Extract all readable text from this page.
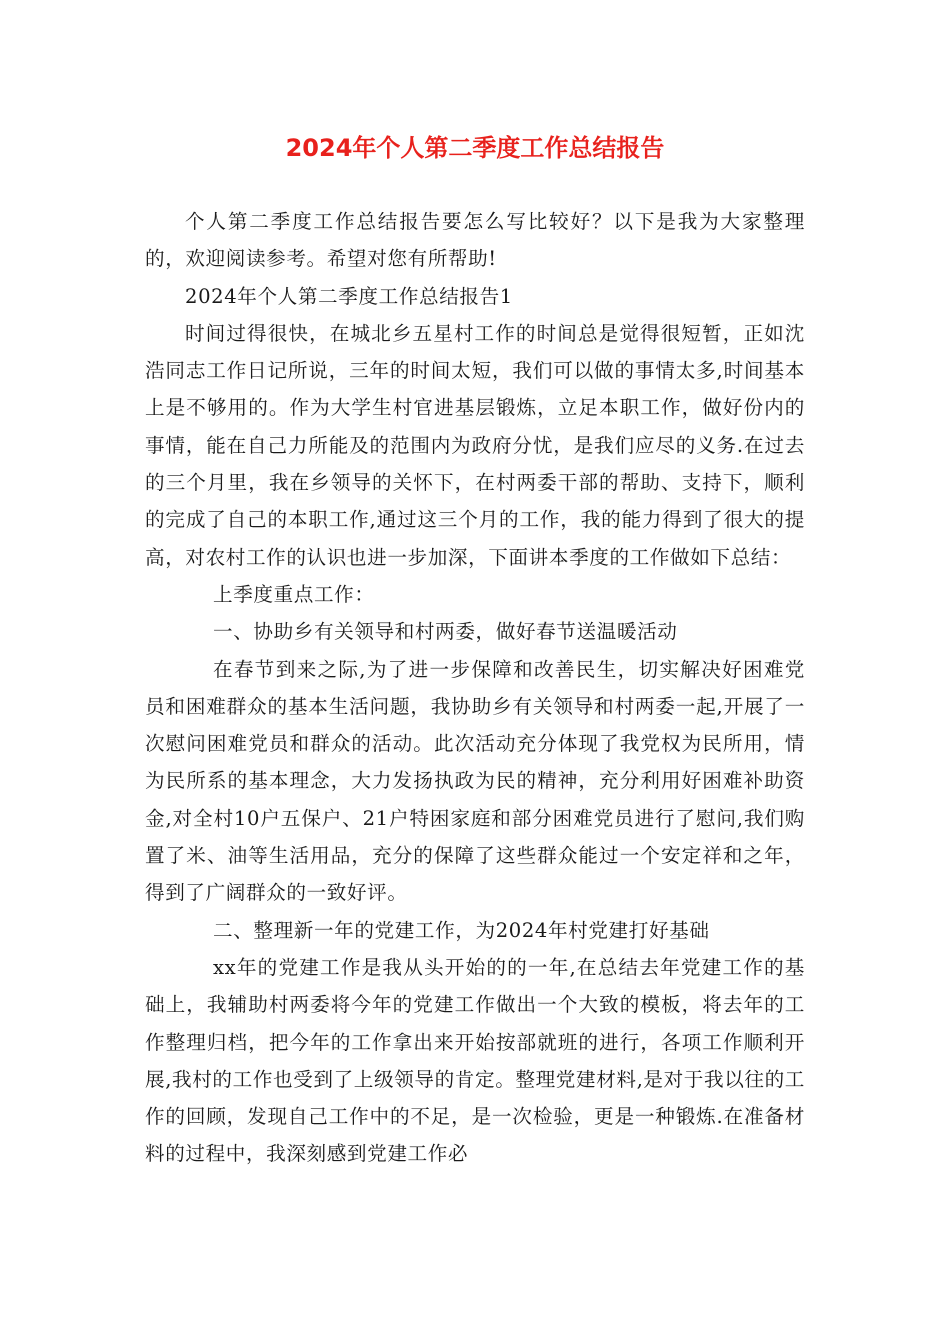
2024年个人第二季度工作总结报告

个人第二季度工作总结报告要怎么写比较好？以下是我为大家整理的，欢迎阅读参考。希望对您有所帮助!

2024年个人第二季度工作总结报告1

时间过得很快，在城北乡五星村工作的时间总是觉得很短暂，正如沈浩同志工作日记所说，三年的时间太短，我们可以做的事情太多,时间基本上是不够用的。作为大学生村官进基层锻炼，立足本职工作，做好份内的事情，能在自己力所能及的范围内为政府分忧，是我们应尽的义务.在过去的三个月里，我在乡领导的关怀下，在村两委干部的帮助、支持下，顺利的完成了自己的本职工作,通过这三个月的工作，我的能力得到了很大的提高，对农村工作的认识也进一步加深，下面讲本季度的工作做如下总结：

上季度重点工作：

一、协助乡有关领导和村两委，做好春节送温暖活动

在春节到来之际,为了进一步保障和改善民生，切实解决好困难党员和困难群众的基本生活问题，我协助乡有关领导和村两委一起,开展了一次慰问困难党员和群众的活动。此次活动充分体现了我党权为民所用，情为民所系的基本理念，大力发扬执政为民的精神，充分利用好困难补助资金,对全村10户五保户、21户特困家庭和部分困难党员进行了慰问,我们购置了米、油等生活用品，充分的保障了这些群众能过一个安定祥和之年，得到了广阔群众的一致好评。

二、整理新一年的党建工作，为2024年村党建打好基础

xx年的党建工作是我从头开始的的一年,在总结去年党建工作的基础上，我辅助村两委将今年的党建工作做出一个大致的模板，将去年的工作整理归档，把今年的工作拿出来开始按部就班的进行，各项工作顺利开展,我村的工作也受到了上级领导的肯定。整理党建材料,是对于我以往的工作的回顾，发现自己工作中的不足，是一次检验，更是一种锻炼.在准备材料的过程中，我深刻感到党建工作必
